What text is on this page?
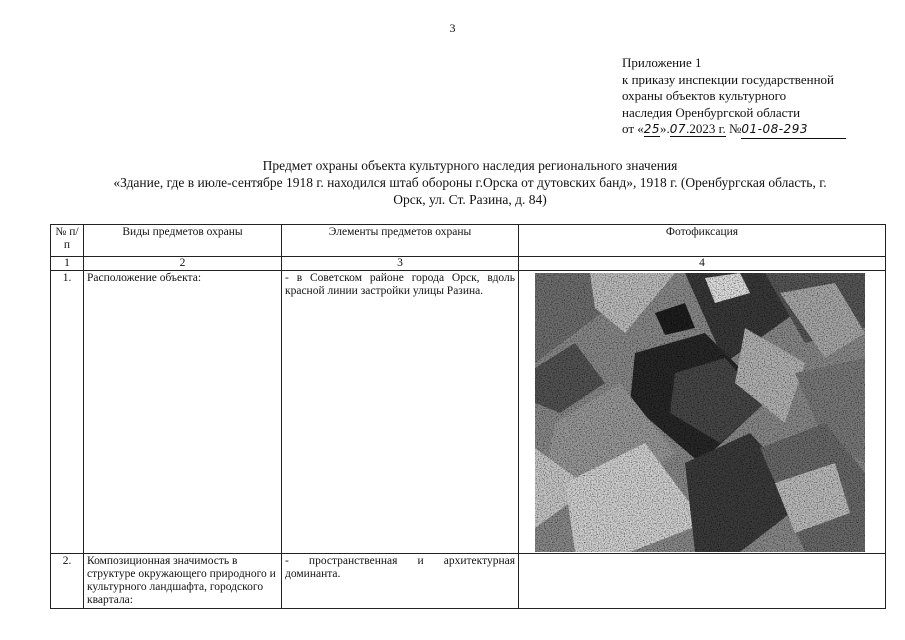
3
Приложение 1
к приказу инспекции государственной
охраны объектов культурного
наследия Оренбургской области
от «25».07.2023 г. №01-08-293
Предмет охраны объекта культурного наследия регионального значения
«Здание, где в июле-сентябре 1918 г. находился штаб обороны г.Орска от дутовских банд», 1918 г. (Оренбургская область, г.
Орск, ул. Ст. Разина, д. 84)
№ п/п	Виды предметов охраны	Элементы предметов охраны	Фотофиксация
1	2	3	4
1.	Расположение объекта:	- в Советском районе города Орск, вдоль красной линии застройки улицы Разина.	

2.	Композиционная значимость в структуре окружающего природного и культурного ландшафта, городского квартала:	- пространственная и архитектурная доминанта.	
